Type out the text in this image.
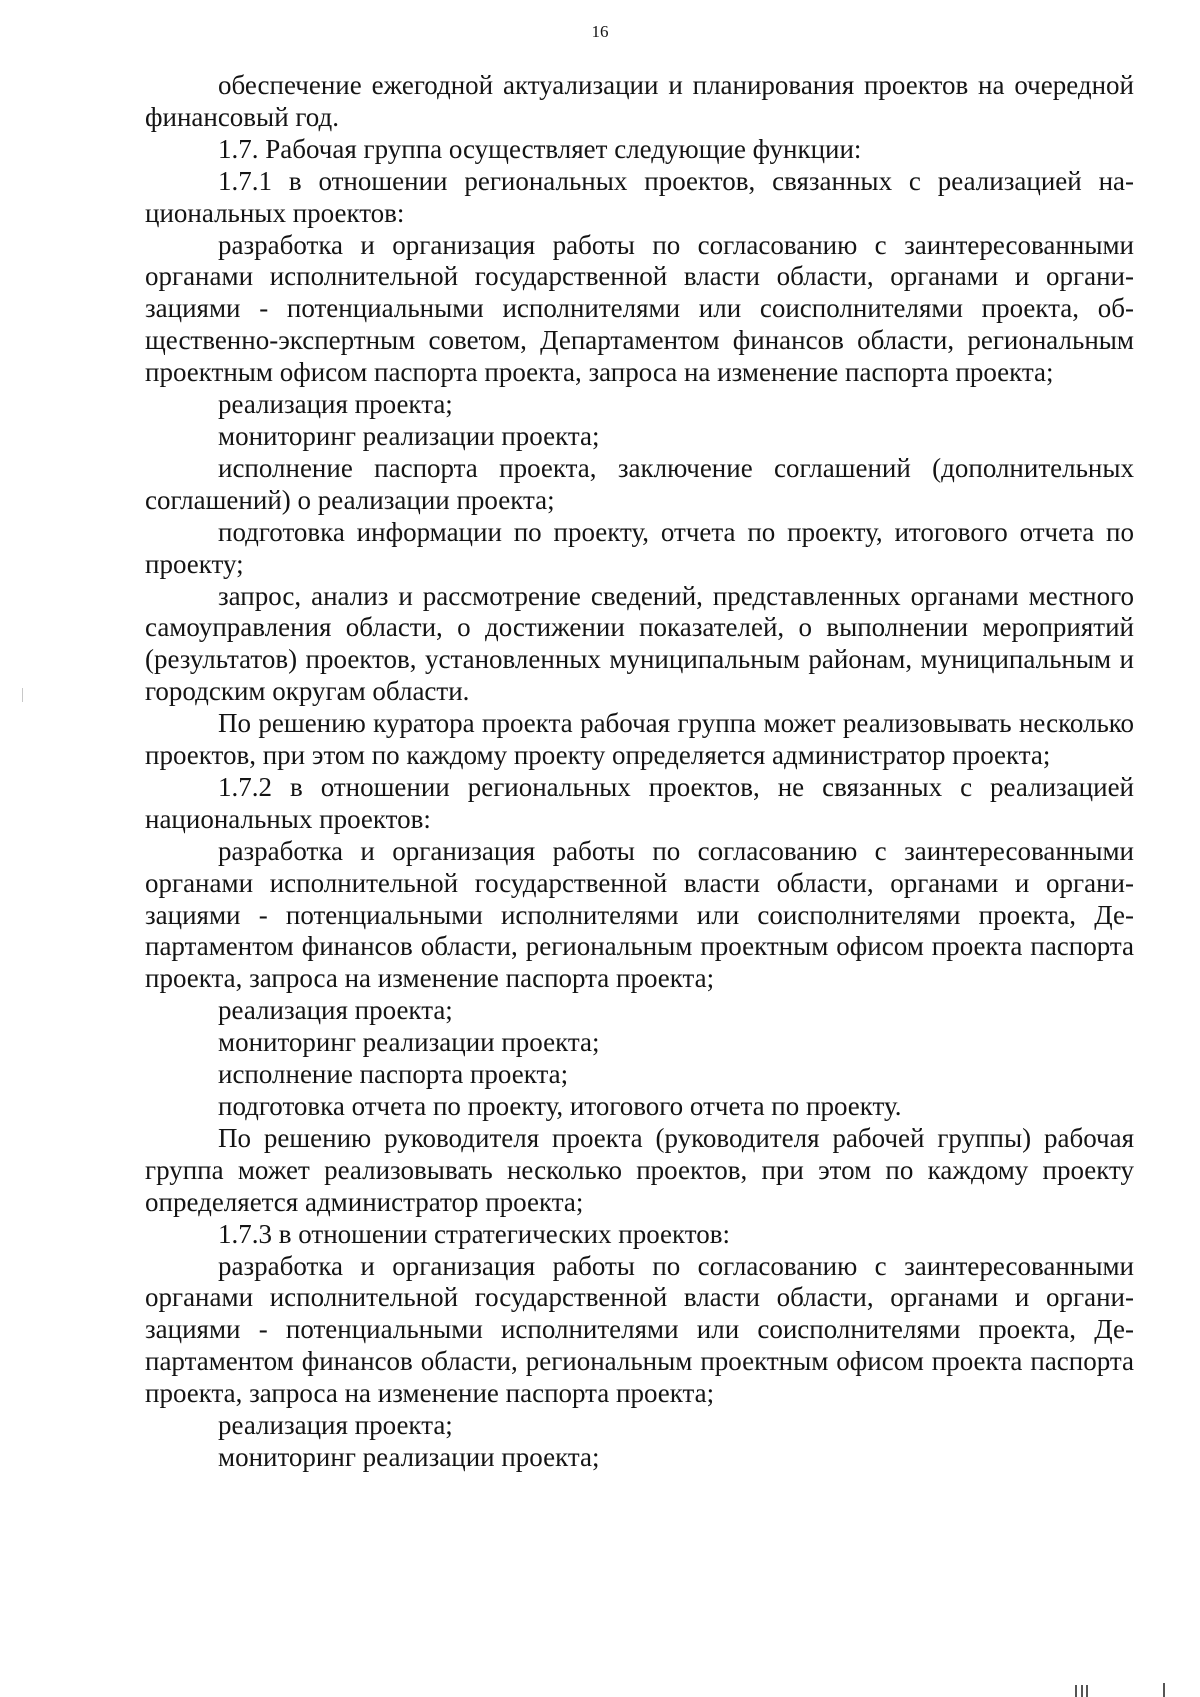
16

обеспечение ежегодной актуализации и планирования проектов на очередной финансовый год.

1.7. Рабочая группа осуществляет следующие функции:

1.7.1 в отношении региональных проектов, связанных с реализацией национальных проектов:

разработка и организация работы по согласованию с заинтересованными органами исполнительной государственной власти области, органами и организациями - потенциальными исполнителями или соисполнителями проекта, общественно-экспертным советом, Департаментом финансов области, региональным проектным офисом паспорта проекта, запроса на изменение паспорта проекта;

реализация проекта;

мониторинг реализации проекта;

исполнение паспорта проекта, заключение соглашений (дополнительных соглашений) о реализации проекта;

подготовка информации по проекту, отчета по проекту, итогового отчета по проекту;

запрос, анализ и рассмотрение сведений, представленных органами местного самоуправления области, о достижении показателей, о выполнении мероприятий (результатов) проектов, установленных муниципальным районам, муниципальным и городским округам области.

По решению куратора проекта рабочая группа может реализовывать несколько проектов, при этом по каждому проекту определяется администратор проекта;

1.7.2 в отношении региональных проектов, не связанных с реализацией национальных проектов:

разработка и организация работы по согласованию с заинтересованными органами исполнительной государственной власти области, органами и организациями - потенциальными исполнителями или соисполнителями проекта, Департаментом финансов области, региональным проектным офисом проекта паспорта проекта, запроса на изменение паспорта проекта;

реализация проекта;

мониторинг реализации проекта;

исполнение паспорта проекта;

подготовка отчета по проекту, итогового отчета по проекту.

По решению руководителя проекта (руководителя рабочей группы) рабочая группа может реализовывать несколько проектов, при этом по каждому проекту определяется администратор проекта;

1.7.3 в отношении стратегических проектов:

разработка и организация работы по согласованию с заинтересованными органами исполнительной государственной власти области, органами и организациями - потенциальными исполнителями или соисполнителями проекта, Департаментом финансов области, региональным проектным офисом проекта паспорта проекта, запроса на изменение паспорта проекта;

реализация проекта;

мониторинг реализации проекта;
